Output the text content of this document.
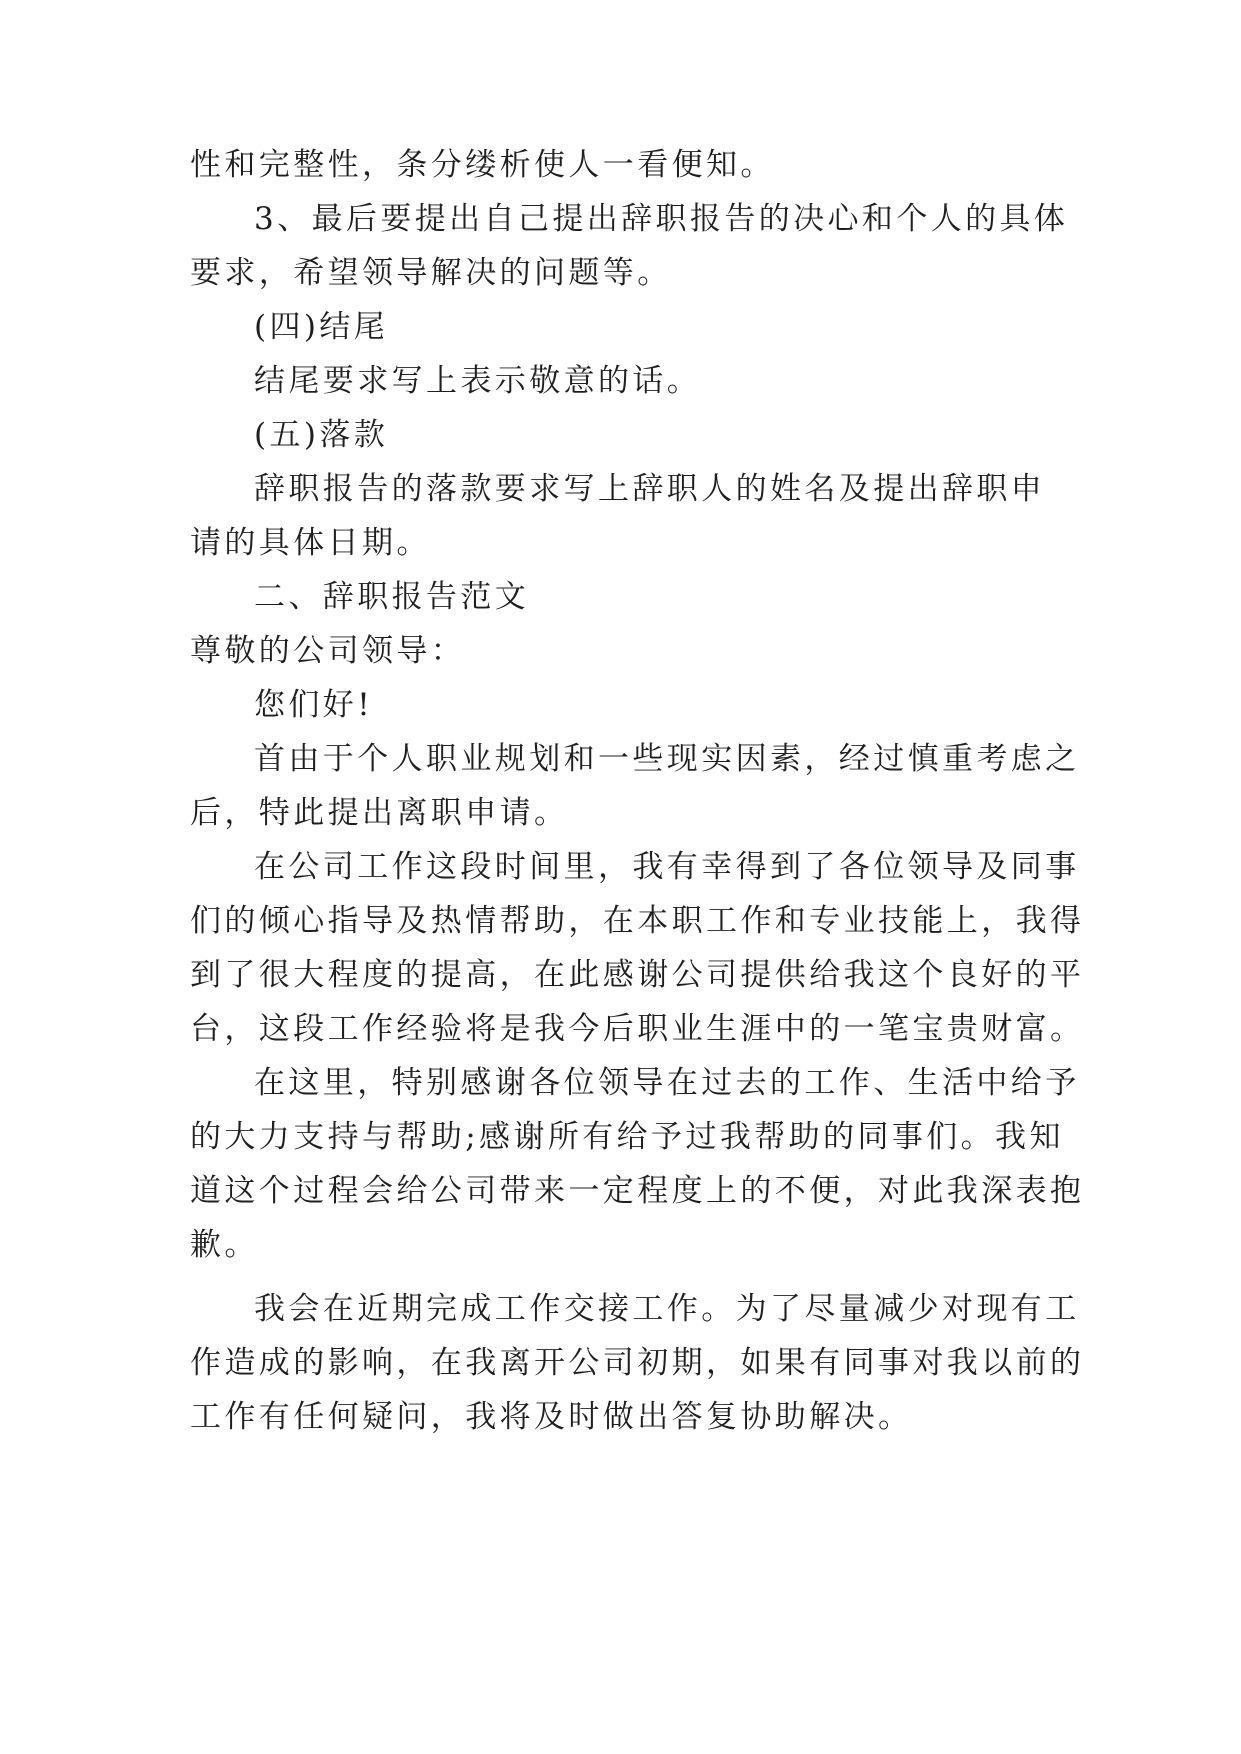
性和完整性，条分缕析使人一看便知。
3、最后要提出自己提出辞职报告的决心和个人的具体
要求，希望领导解决的问题等。
(四)结尾
结尾要求写上表示敬意的话。
(五)落款
辞职报告的落款要求写上辞职人的姓名及提出辞职申
请的具体日期。
二、辞职报告范文
尊敬的公司领导：
您们好!
首由于个人职业规划和一些现实因素，经过慎重考虑之
后，特此提出离职申请。
在公司工作这段时间里，我有幸得到了各位领导及同事
们的倾心指导及热情帮助，在本职工作和专业技能上，我得
到了很大程度的提高，在此感谢公司提供给我这个良好的平
台，这段工作经验将是我今后职业生涯中的一笔宝贵财富。
在这里，特别感谢各位领导在过去的工作、生活中给予
的大力支持与帮助;感谢所有给予过我帮助的同事们。我知
道这个过程会给公司带来一定程度上的不便，对此我深表抱
歉。
我会在近期完成工作交接工作。为了尽量减少对现有工
作造成的影响，在我离开公司初期，如果有同事对我以前的
工作有任何疑问，我将及时做出答复协助解决。
